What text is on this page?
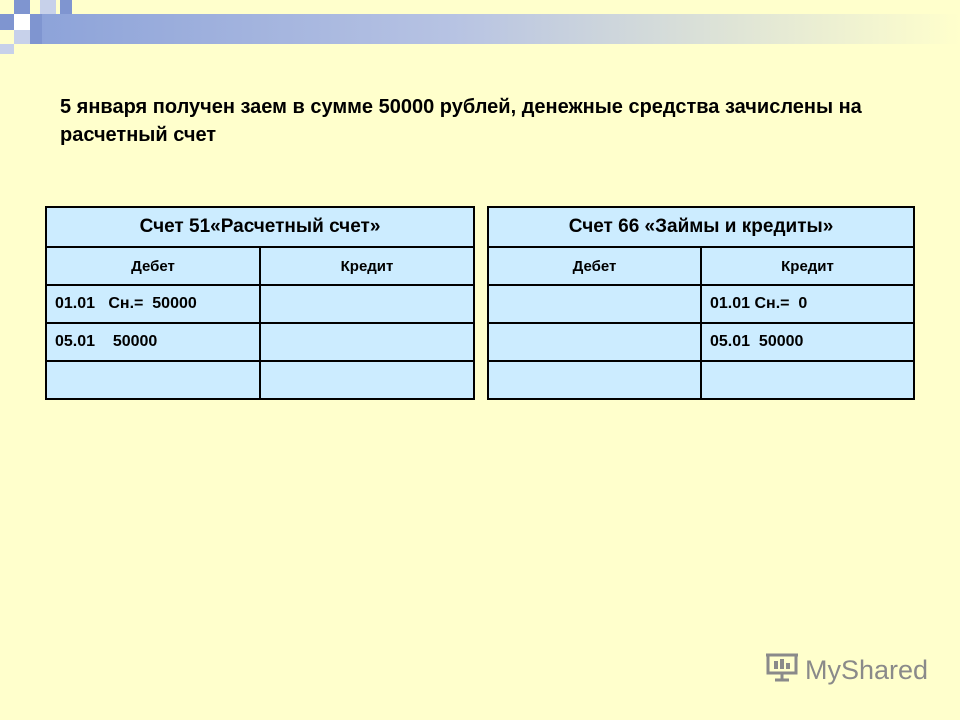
5 января получен заем в сумме 50000 рублей, денежные средства зачислены на расчетный счет
Счет 51«Расчетный счет»	
Дебет	Кредит
01.01   Сн.=  50000	
05.01    50000	

Счет 66 «Займы и кредиты»	
Дебет	Кредит
	01.01 Сн.=  0
	05.01  50000

MyShared
